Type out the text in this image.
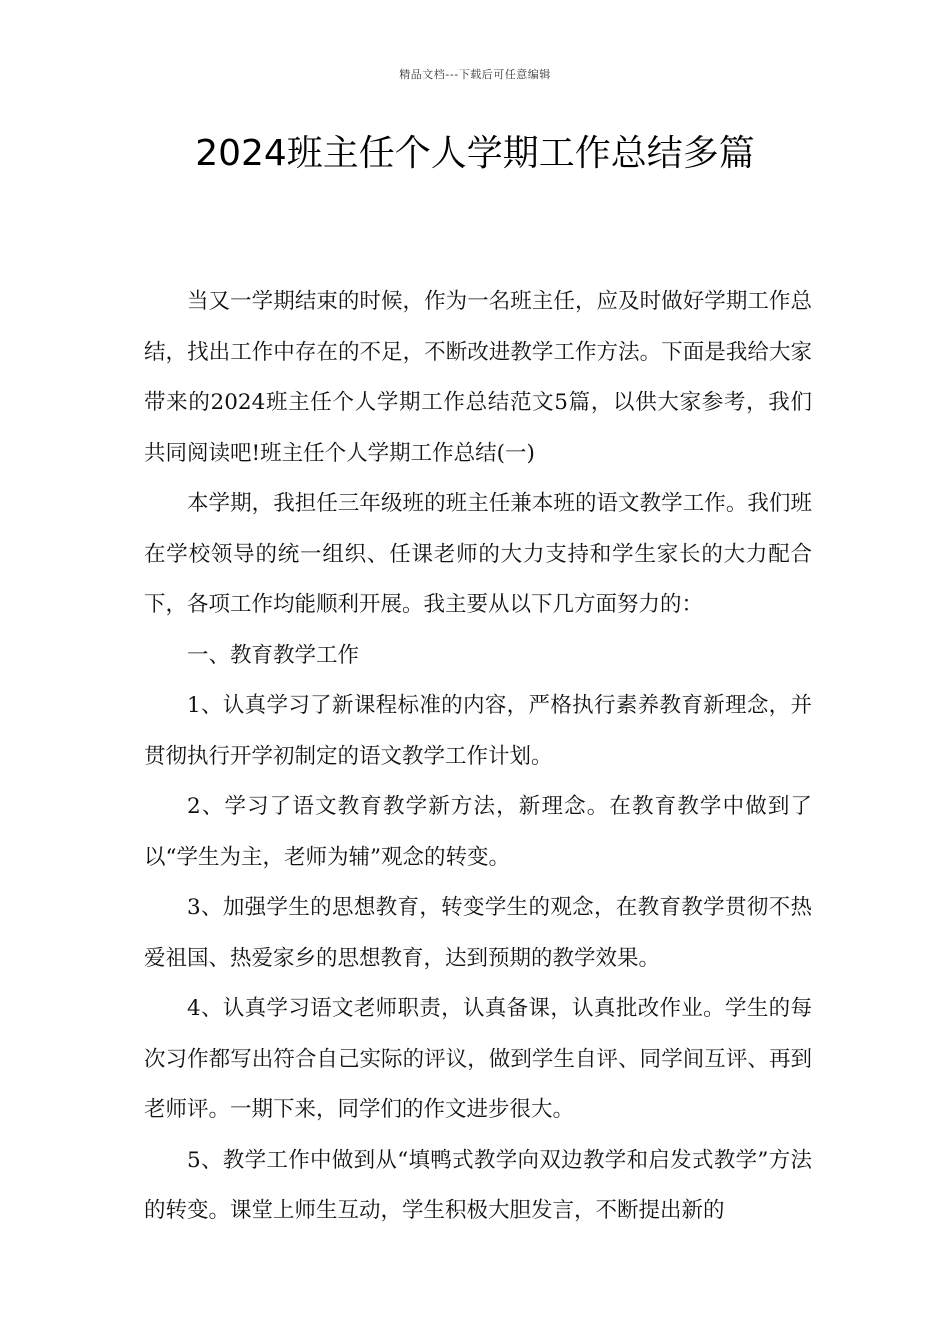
精品文档---下载后可任意编辑
2024班主任个人学期工作总结多篇

当又一学期结束的时候，作为一名班主任，应及时做好学期工作总结，找出工作中存在的不足，不断改进教学工作方法。下面是我给大家带来的2024班主任个人学期工作总结范文5篇，以供大家参考，我们共同阅读吧!班主任个人学期工作总结(一)

本学期，我担任三年级班的班主任兼本班的语文教学工作。我们班在学校领导的统一组织、任课老师的大力支持和学生家长的大力配合下，各项工作均能顺利开展。我主要从以下几方面努力的：

一、教育教学工作

1、认真学习了新课程标准的内容，严格执行素养教育新理念，并贯彻执行开学初制定的语文教学工作计划。

2、学习了语文教育教学新方法，新理念。在教育教学中做到了以“学生为主，老师为辅”观念的转变。

3、加强学生的思想教育，转变学生的观念，在教育教学贯彻不热爱祖国、热爱家乡的思想教育，达到预期的教学效果。

4、认真学习语文老师职责，认真备课，认真批改作业。学生的每次习作都写出符合自己实际的评议，做到学生自评、同学间互评、再到老师评。一期下来，同学们的作文进步很大。

5、教学工作中做到从“填鸭式教学向双边教学和启发式教学”方法的转变。课堂上师生互动，学生积极大胆发言，不断提出新的
